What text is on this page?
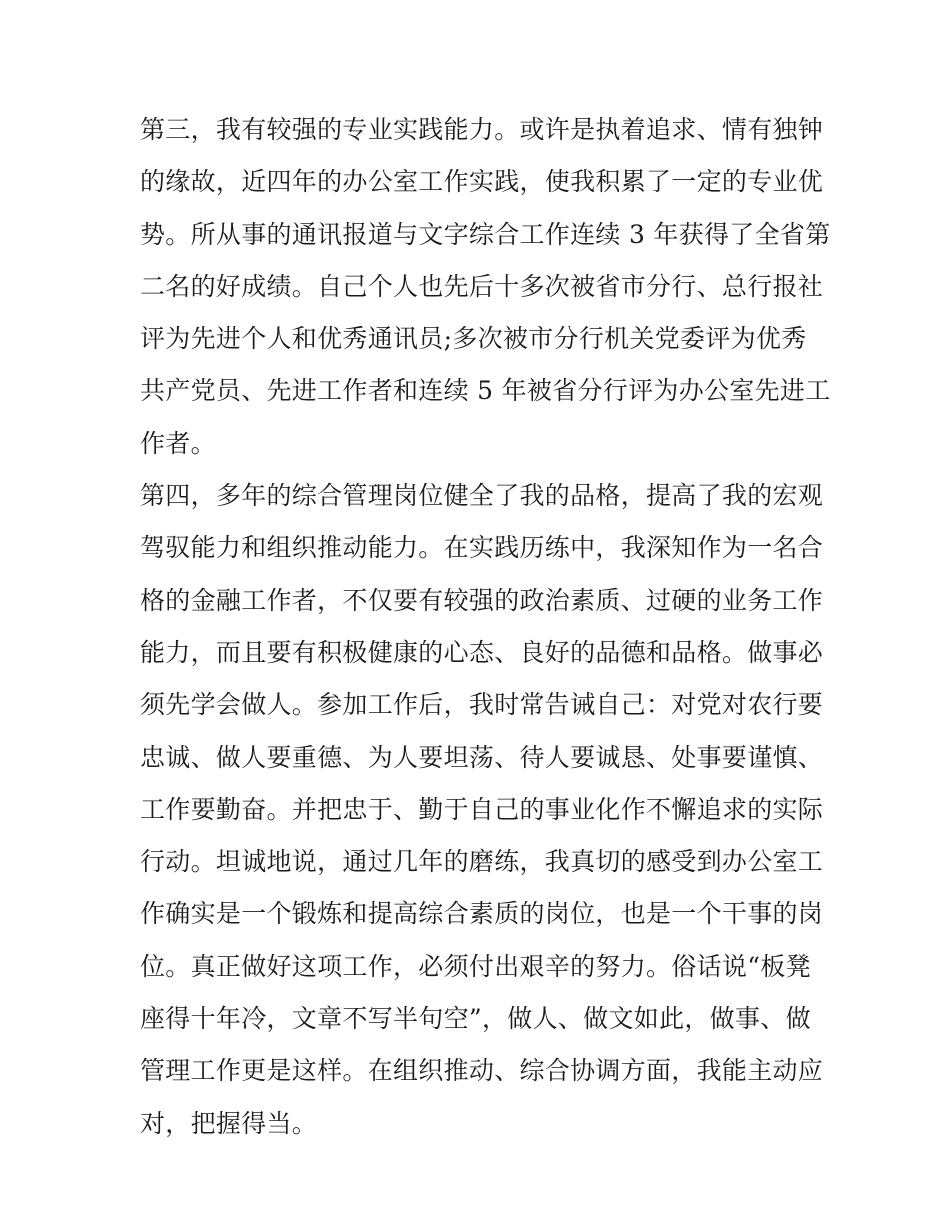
第三，我有较强的专业实践能力。或许是执着追求、情有独钟
的缘故，近四年的办公室工作实践，使我积累了一定的专业优
势。所从事的通讯报道与文字综合工作连续 3 年获得了全省第
二名的好成绩。自己个人也先后十多次被省市分行、总行报社
评为先进个人和优秀通讯员;多次被市分行机关党委评为优秀
共产党员、先进工作者和连续 5 年被省分行评为办公室先进工
作者。
第四，多年的综合管理岗位健全了我的品格，提高了我的宏观
驾驭能力和组织推动能力。在实践历练中，我深知作为一名合
格的金融工作者，不仅要有较强的政治素质、过硬的业务工作
能力，而且要有积极健康的心态、良好的品德和品格。做事必
须先学会做人。参加工作后，我时常告诫自己：对党对农行要
忠诚、做人要重德、为人要坦荡、待人要诚恳、处事要谨慎、
工作要勤奋。并把忠于、勤于自己的事业化作不懈追求的实际
行动。坦诚地说，通过几年的磨练，我真切的感受到办公室工
作确实是一个锻炼和提高综合素质的岗位，也是一个干事的岗
位。真正做好这项工作，必须付出艰辛的努力。俗话说“板凳
座得十年冷，文章不写半句空”，做人、做文如此，做事、做
管理工作更是这样。在组织推动、综合协调方面，我能主动应
对，把握得当。
